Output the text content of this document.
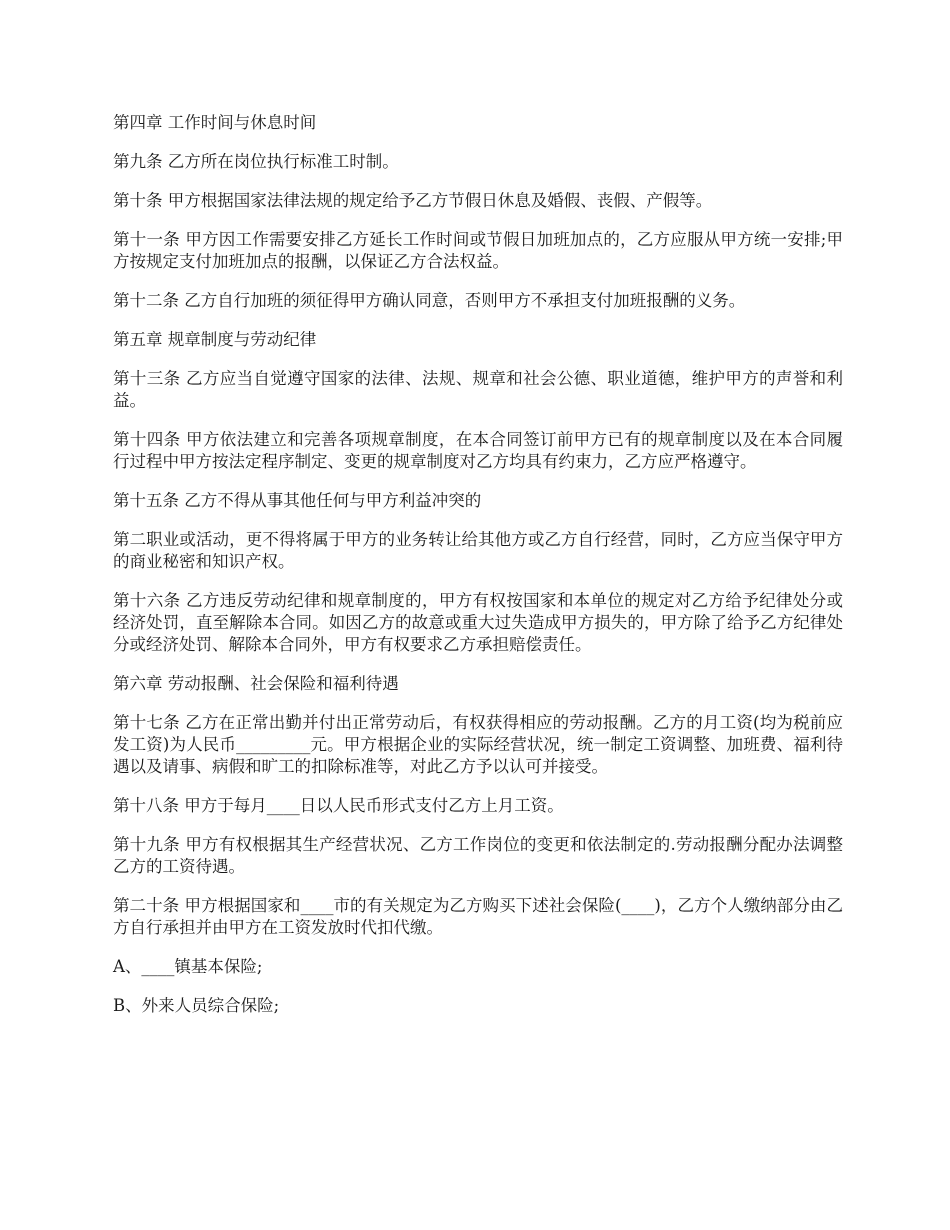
第四章 工作时间与休息时间

第九条 乙方所在岗位执行标准工时制。

第十条 甲方根据国家法律法规的规定给予乙方节假日休息及婚假、丧假、产假等。

第十一条 甲方因工作需要安排乙方延长工作时间或节假日加班加点的，乙方应服从甲方统一安排;甲方按规定支付加班加点的报酬，以保证乙方合法权益。

第十二条 乙方自行加班的须征得甲方确认同意，否则甲方不承担支付加班报酬的义务。

第五章 规章制度与劳动纪律

第十三条 乙方应当自觉遵守国家的法律、法规、规章和社会公德、职业道德，维护甲方的声誉和利益。

第十四条 甲方依法建立和完善各项规章制度，在本合同签订前甲方已有的规章制度以及在本合同履行过程中甲方按法定程序制定、变更的规章制度对乙方均具有约束力，乙方应严格遵守。

第十五条 乙方不得从事其他任何与甲方利益冲突的

第二职业或活动，更不得将属于甲方的业务转让给其他方或乙方自行经营，同时，乙方应当保守甲方的商业秘密和知识产权。

第十六条 乙方违反劳动纪律和规章制度的，甲方有权按国家和本单位的规定对乙方给予纪律处分或经济处罚，直至解除本合同。如因乙方的故意或重大过失造成甲方损失的，甲方除了给予乙方纪律处分或经济处罚、解除本合同外，甲方有权要求乙方承担赔偿责任。

第六章 劳动报酬、社会保险和福利待遇

第十七条 乙方在正常出勤并付出正常劳动后，有权获得相应的劳动报酬。乙方的月工资(均为税前应发工资)为人民币_________元。甲方根据企业的实际经营状况，统一制定工资调整、加班费、福利待遇以及请事、病假和旷工的扣除标准等，对此乙方予以认可并接受。

第十八条 甲方于每月____日以人民币形式支付乙方上月工资。

第十九条 甲方有权根据其生产经营状况、乙方工作岗位的变更和依法制定的.劳动报酬分配办法调整乙方的工资待遇。

第二十条 甲方根据国家和____市的有关规定为乙方购买下述社会保险(____)，乙方个人缴纳部分由乙方自行承担并由甲方在工资发放时代扣代缴。

A、____镇基本保险;

B、外来人员综合保险;
